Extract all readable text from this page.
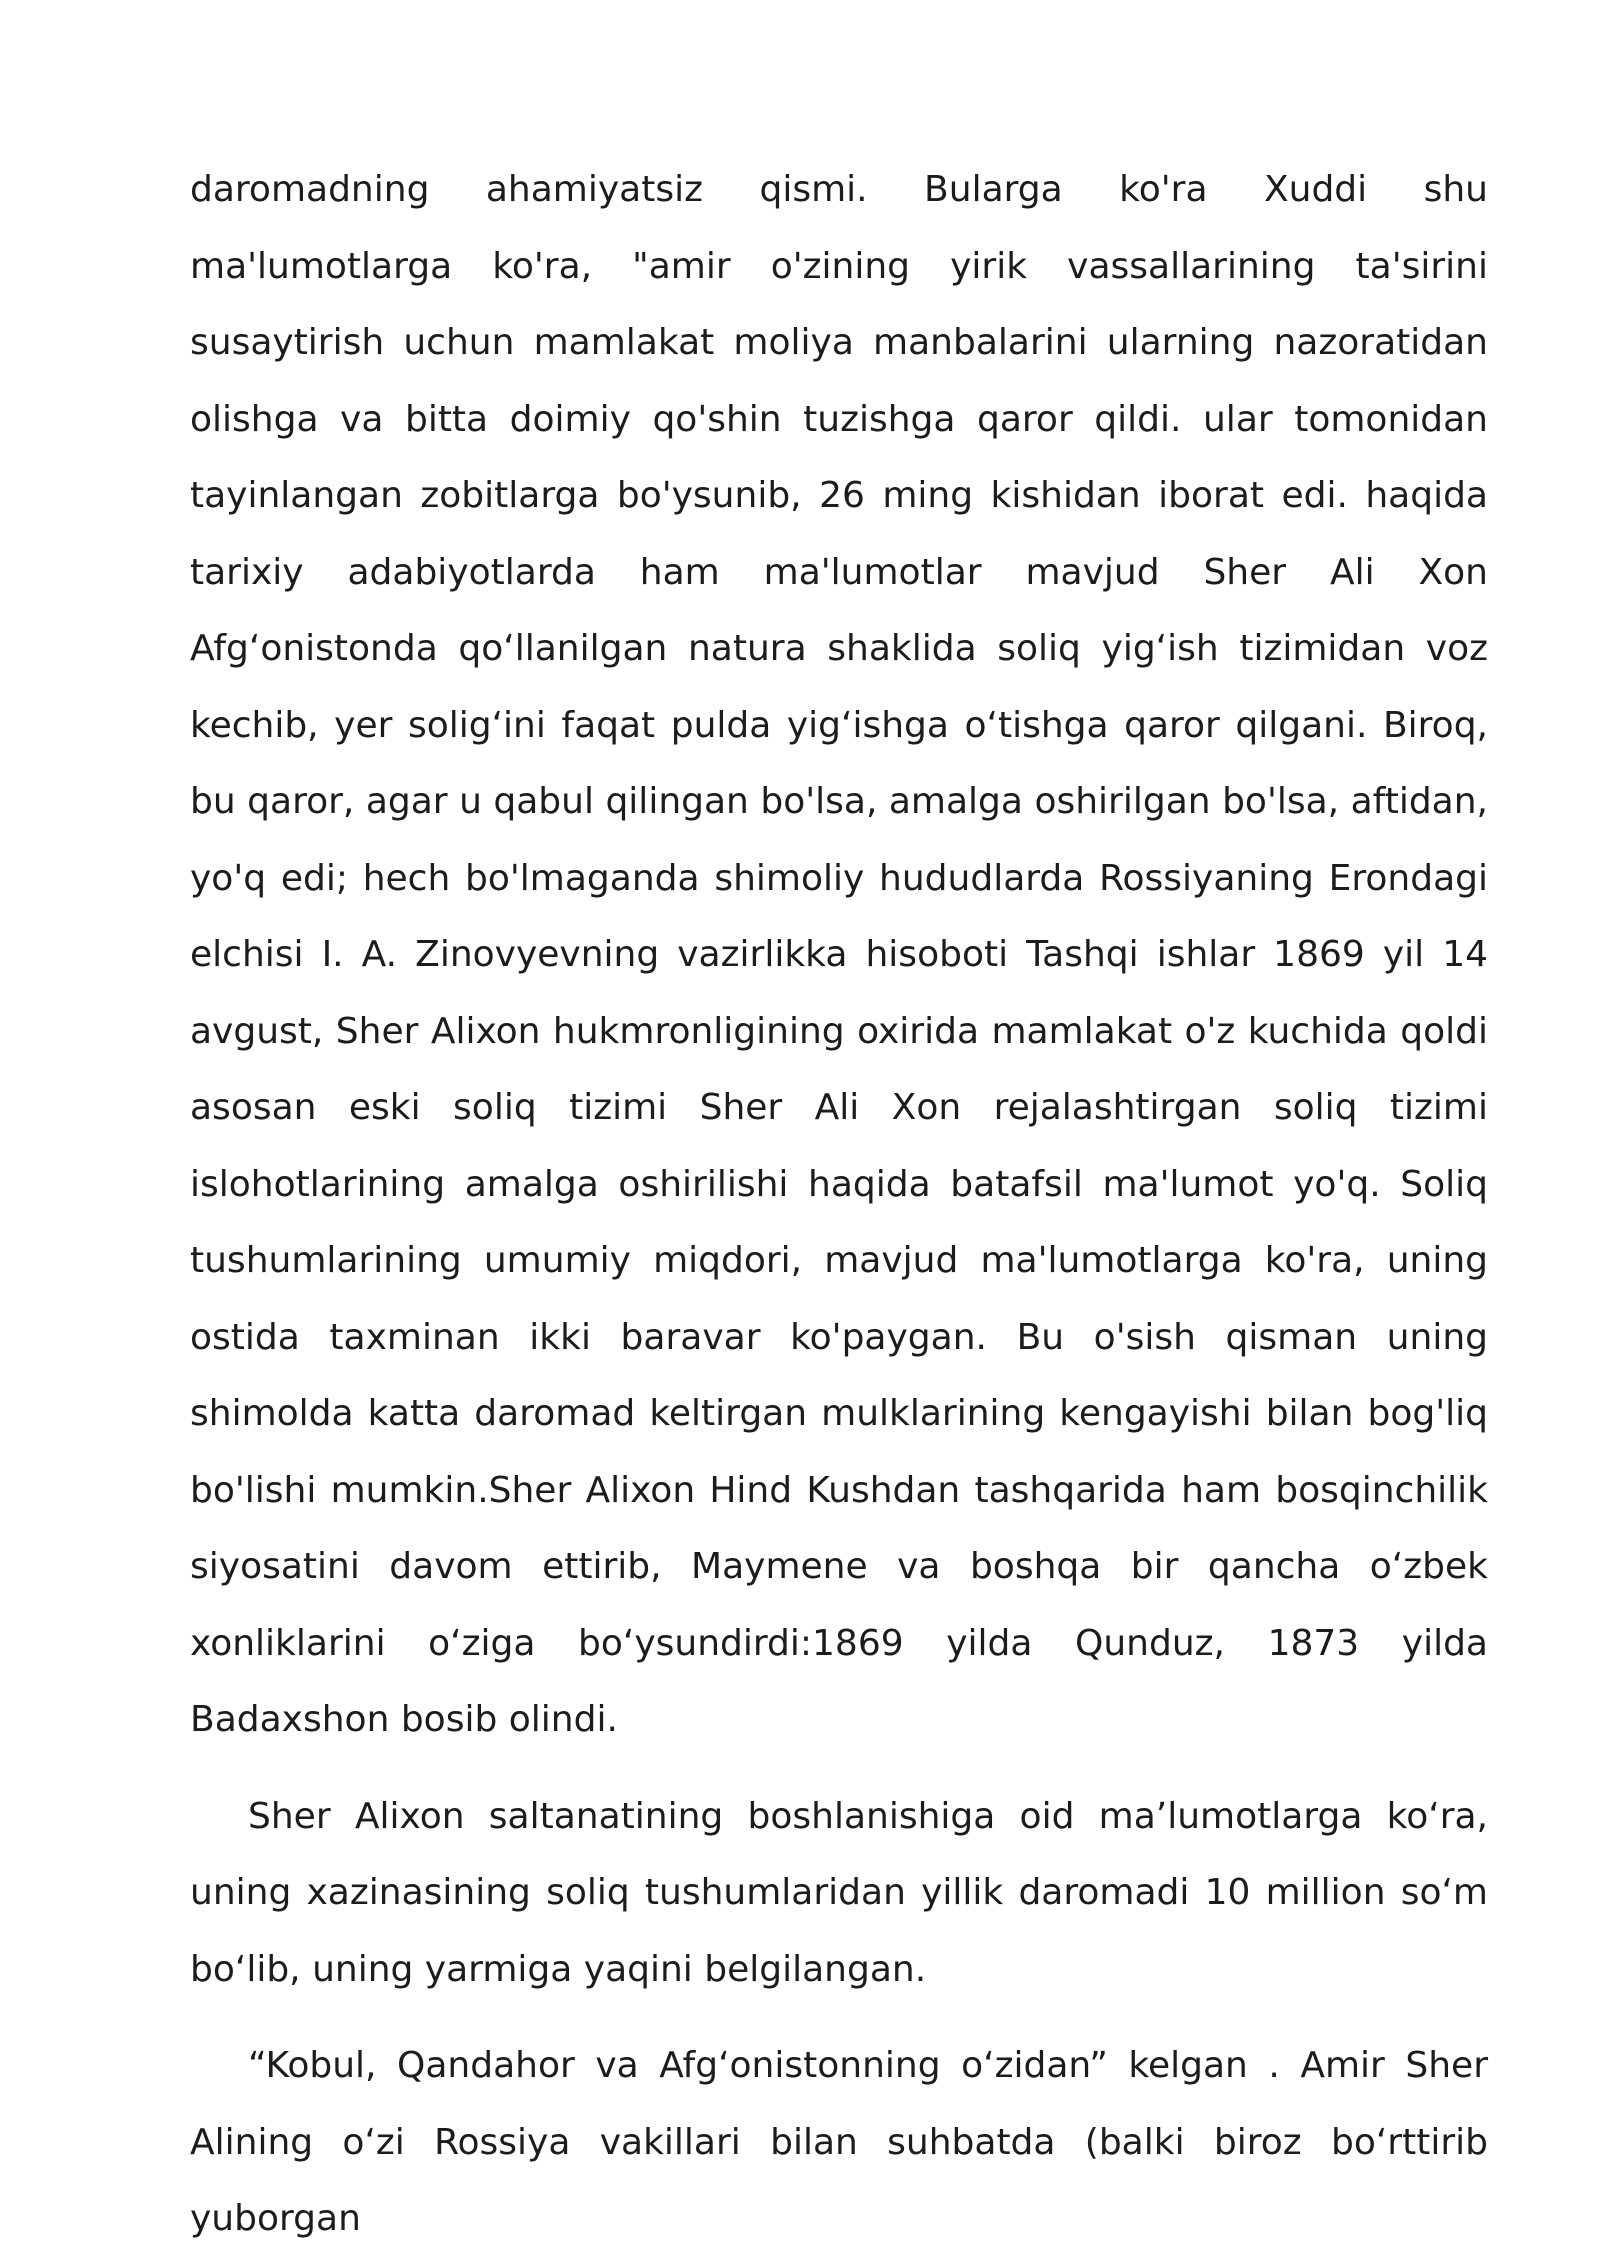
daromadning ahamiyatsiz qismi. Bularga ko'ra Xuddi shu ma'lumotlarga ko'ra, "amir o'zining yirik vassallarining ta'sirini susaytirish uchun mamlakat moliya manbalarini ularning nazoratidan olishga va bitta doimiy qo'shin tuzishga qaror qildi. ular tomonidan tayinlangan zobitlarga bo'ysunib, 26 ming kishidan iborat edi. haqida tarixiy adabiyotlarda ham ma'lumotlar mavjud Sher Ali Xon Afg‘onistonda qo‘llanilgan natura shaklida soliq yig‘ish tizimidan voz kechib, yer solig‘ini faqat pulda yig‘ishga o‘tishga qaror qilgani. Biroq, bu qaror, agar u qabul qilingan bo'lsa, amalga oshirilgan bo'lsa, aftidan, yo'q edi; hech bo'lmaganda shimoliy hududlarda Rossiyaning Erondagi elchisi I. A. Zinovyevning vazirlikka hisoboti Tashqi ishlar 1869 yil 14 avgust, Sher Alixon hukmronligining oxirida mamlakat o'z kuchida qoldi asosan eski soliq tizimi Sher Ali Xon rejalashtirgan soliq tizimi islohotlarining amalga oshirilishi haqida batafsil ma'lumot yo'q. Soliq tushumlarining umumiy miqdori, mavjud ma'lumotlarga ko'ra, uning ostida taxminan ikki baravar ko'paygan. Bu o'sish qisman uning shimolda katta daromad keltirgan mulklarining kengayishi bilan bog'liq bo'lishi mumkin.Sher Alixon Hind Kushdan tashqarida ham bosqinchilik siyosatini davom ettirib, Maymene va boshqa bir qancha o‘zbek xonliklarini o‘ziga bo‘ysundirdi:1869 yilda Qunduz, 1873 yilda Badaxshon bosib olindi.

Sher Alixon saltanatining boshlanishiga oid ma’lumotlarga ko‘ra, uning xazinasining soliq tushumlaridan yillik daromadi 10 million so‘m bo‘lib, uning yarmiga yaqini belgilangan.

“Kobul, Qandahor va Afg‘onistonning o‘zidan” kelgan . Amir Sher Alining o‘zi Rossiya vakillari bilan suhbatda (balki biroz bo‘rttirib yuborgan
